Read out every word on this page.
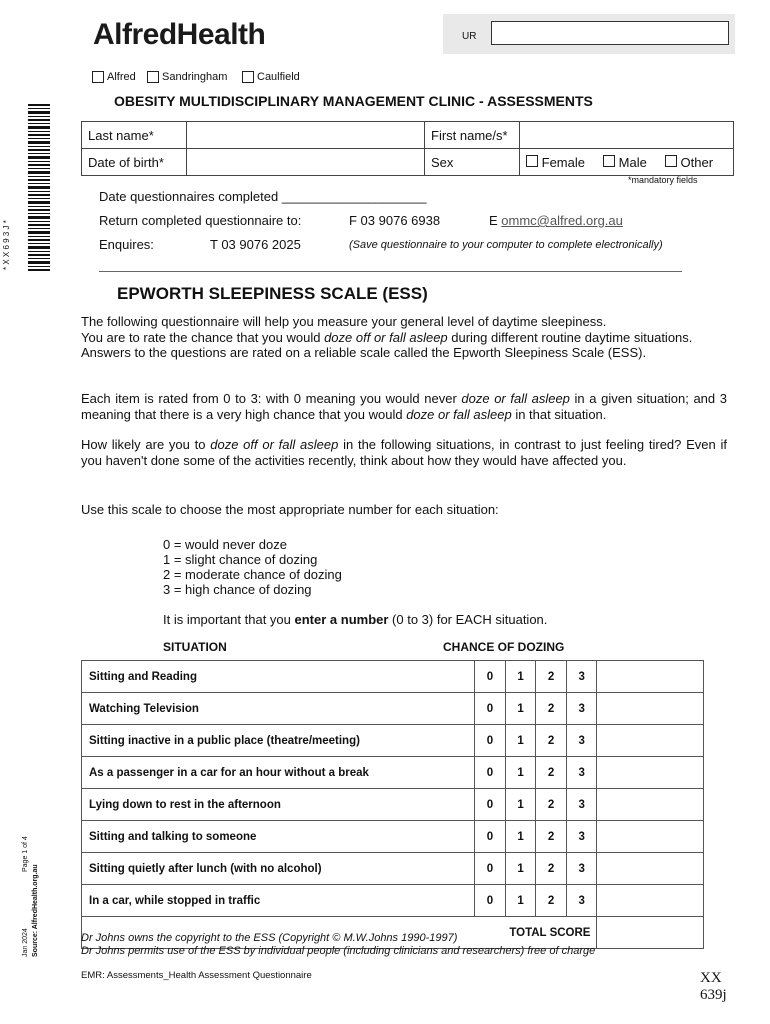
AlfredHealth	UR
Alfred Sandringham	Caulfield
OBESITY MULTIDISCIPLINARY MANAGEMENT CLINIC - ASSESSMENTS
* X X 6 9 3 J *
Last name*		First name/s*	
Date of birth*		Sex	Female Male Other
*mandatory fields
Date questionnaires completed ____________________
Return completed questionnaire to:	F 03 9076 6938	E ommc@alfred.org.au
Enquires:	T 03 9076 2025	(Save questionnaire to your computer to complete electronically)
EPWORTH SLEEPINESS SCALE (ESS)
The following questionnaire will help you measure your general level of daytime sleepiness.
You are to rate the chance that you would doze off or fall asleep during different routine daytime situations.
Answers to the questions are rated on a reliable scale called the Epworth Sleepiness Scale (ESS).
Each item is rated from 0 to 3: with 0 meaning you would never doze or fall asleep in a given situation; and 3 meaning that there is a very high chance that you would doze or fall asleep in that situation.
How likely are you to doze off or fall asleep in the following situations, in contrast to just feeling tired? Even if you haven't done some of the activities recently, think about how they would have affected you.
Use this scale to choose the most appropriate number for each situation:
0 = would never doze
1 = slight chance of dozing
2 = moderate chance of dozing
3 = high chance of dozing
It is important that you enter a number (0 to 3) for EACH situation.
SITUATION	CHANCE OF DOZING
Sitting and Reading	0	1	2	3	
Watching Television	0	1	2	3	
Sitting inactive in a public place (theatre/meeting)	0	1	2	3	
As a passenger in a car for an hour without a break	0	1	2	3	
Lying down to rest in the afternoon	0	1	2	3	
Sitting and talking to someone	0	1	2	3	
Sitting quietly after lunch (with no alcohol)	0	1	2	3	
In a car, while stopped in traffic	0	1	2	3	
TOTAL SCORE					
Dr Johns owns the copyright to the ESS (Copyright © M.W.Johns 1990-1997)
Dr Johns permits use of the ESS by individual people (including clinicians and researchers) free of charge
EMR: Assessments_Health Assessment Questionnaire	XX
639j
Page 1 of 4
Jan 2024 Source: AlfredHealth.org.au
